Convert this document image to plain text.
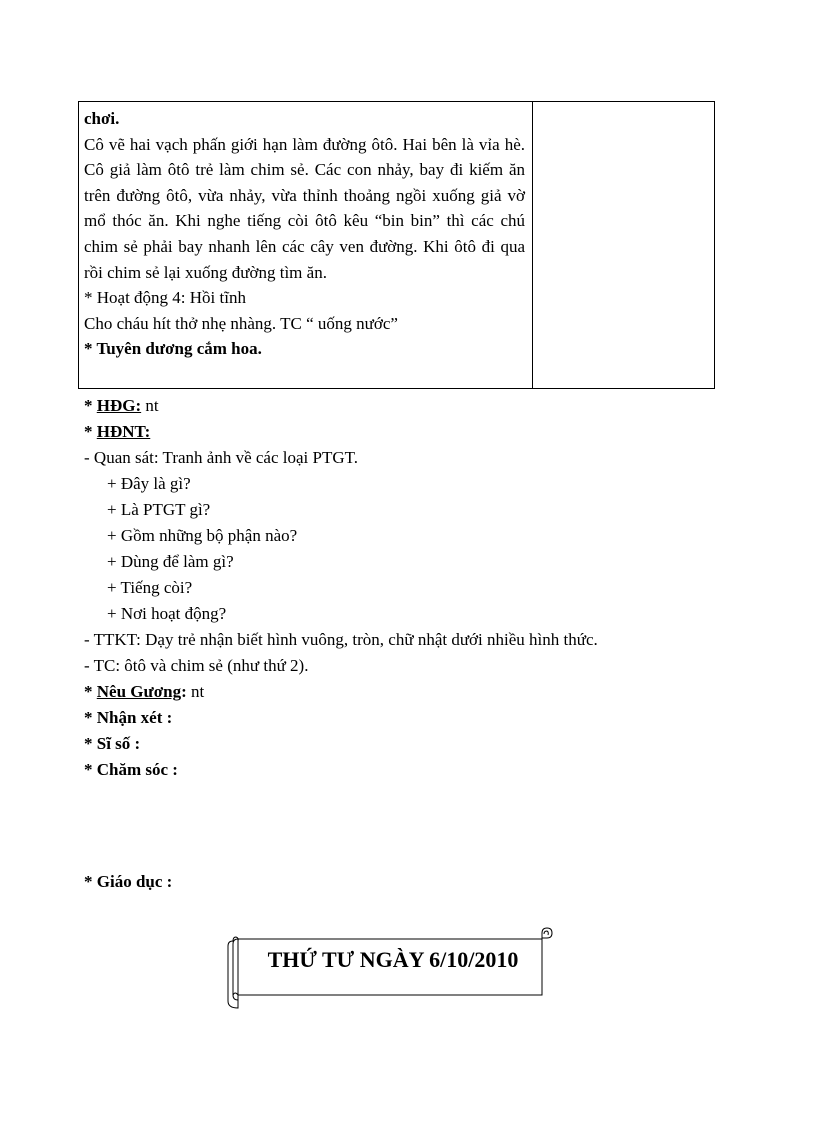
chơi.

Cô vẽ hai vạch phấn giới hạn làm đường ôtô. Hai bên là vỉa hè. Cô giả làm ôtô trẻ làm chim sẻ. Các con nhảy, bay đi kiếm ăn trên đường ôtô, vừa nhảy, vừa thỉnh thoảng ngồi xuống giả vờ mổ thóc ăn. Khi nghe tiếng còi ôtô kêu “bin bin” thì các chú chim sẻ phải bay nhanh lên các cây ven đường. Khi ôtô đi qua rồi chim sẻ lại xuống đường tìm ăn.

* Hoạt động 4: Hồi tĩnh

Cho cháu hít thở nhẹ nhàng. TC “ uống nước”

* Tuyên dương cắm hoa.

* HĐG: nt

* HĐNT:

- Quan sát: Tranh ảnh về các loại PTGT.

+ Đây là gì?

+ Là PTGT gì?

+ Gồm những bộ phận nào?

+ Dùng để làm gì?

+ Tiếng còi?

+ Nơi hoạt động?

- TTKT: Dạy trẻ nhận biết hình vuông, tròn, chữ nhật dưới nhiều hình thức.

- TC: ôtô và chim sẻ (như thứ 2).

* Nêu Gương: nt

* Nhận xét :

* Sĩ số :

* Chăm sóc :

* Giáo dục :

THỨ TƯ NGÀY 6/10/2010
